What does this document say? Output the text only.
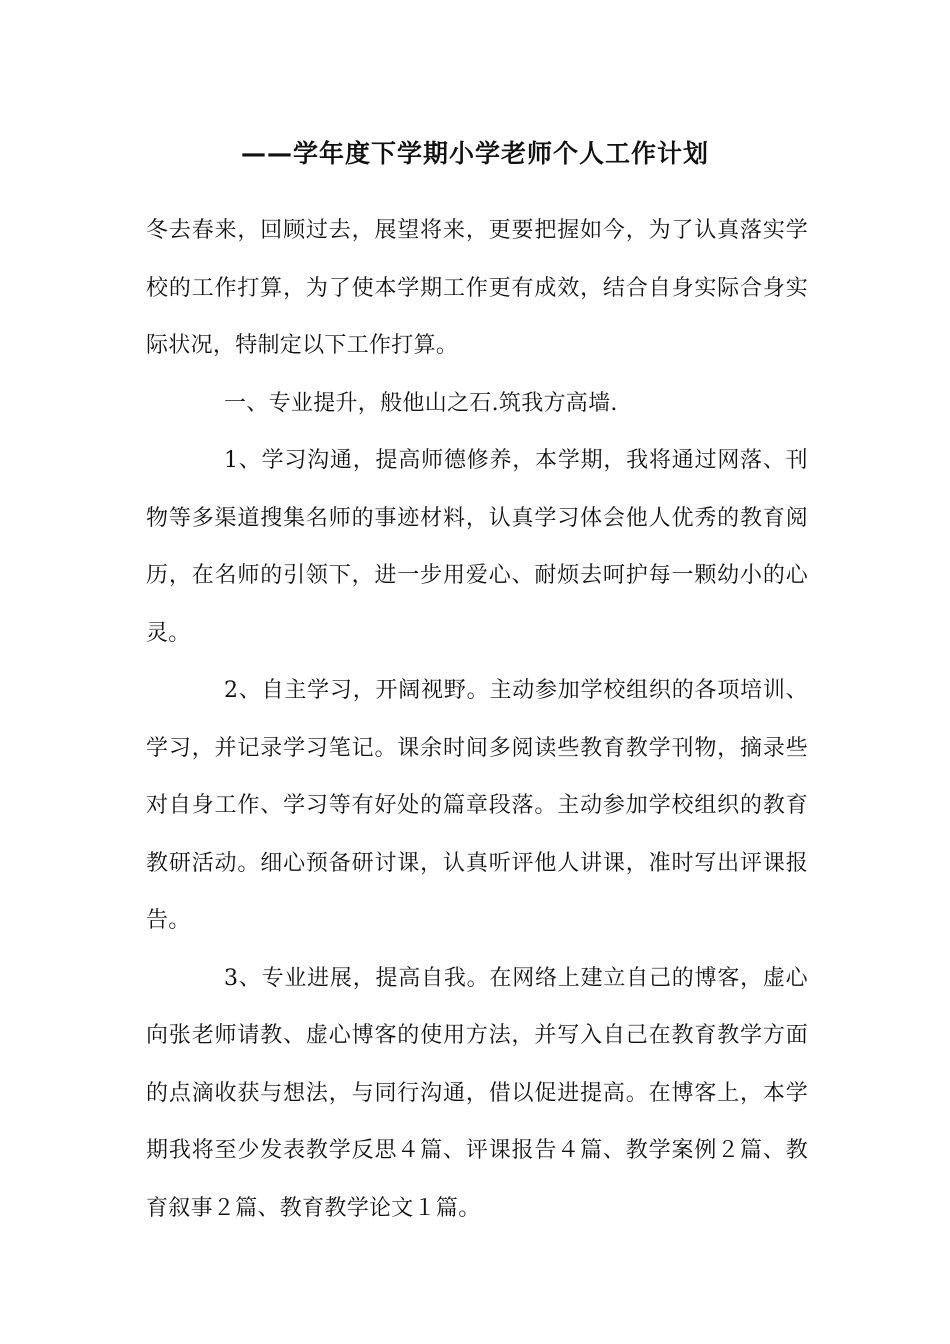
——学年度下学期小学老师个人工作计划

冬去春来，回顾过去，展望将来，更要把握如今，为了认真落实学校的工作打算，为了使本学期工作更有成效，结合自身实际合身实际状况，特制定以下工作打算。

一、专业提升，般他山之石.筑我方高墙.

1、学习沟通，提高师德修养，本学期，我将通过网落、刊物等多渠道搜集名师的事迹材料，认真学习体会他人优秀的教育阅历，在名师的引领下，进一步用爱心、耐烦去呵护每一颗幼小的心灵。

2、自主学习，开阔视野。主动参加学校组织的各项培训、学习，并记录学习笔记。课余时间多阅读些教育教学刊物，摘录些对自身工作、学习等有好处的篇章段落。主动参加学校组织的教育教研活动。细心预备研讨课，认真听评他人讲课，准时写出评课报告。

3、专业进展，提高自我。在网络上建立自己的博客，虚心向张老师请教、虚心博客的使用方法，并写入自己在教育教学方面的点滴收获与想法，与同行沟通，借以促进提高。在博客上，本学期我将至少发表教学反思４篇、评课报告４篇、教学案例２篇、教育叙事２篇、教育教学论文１篇。
